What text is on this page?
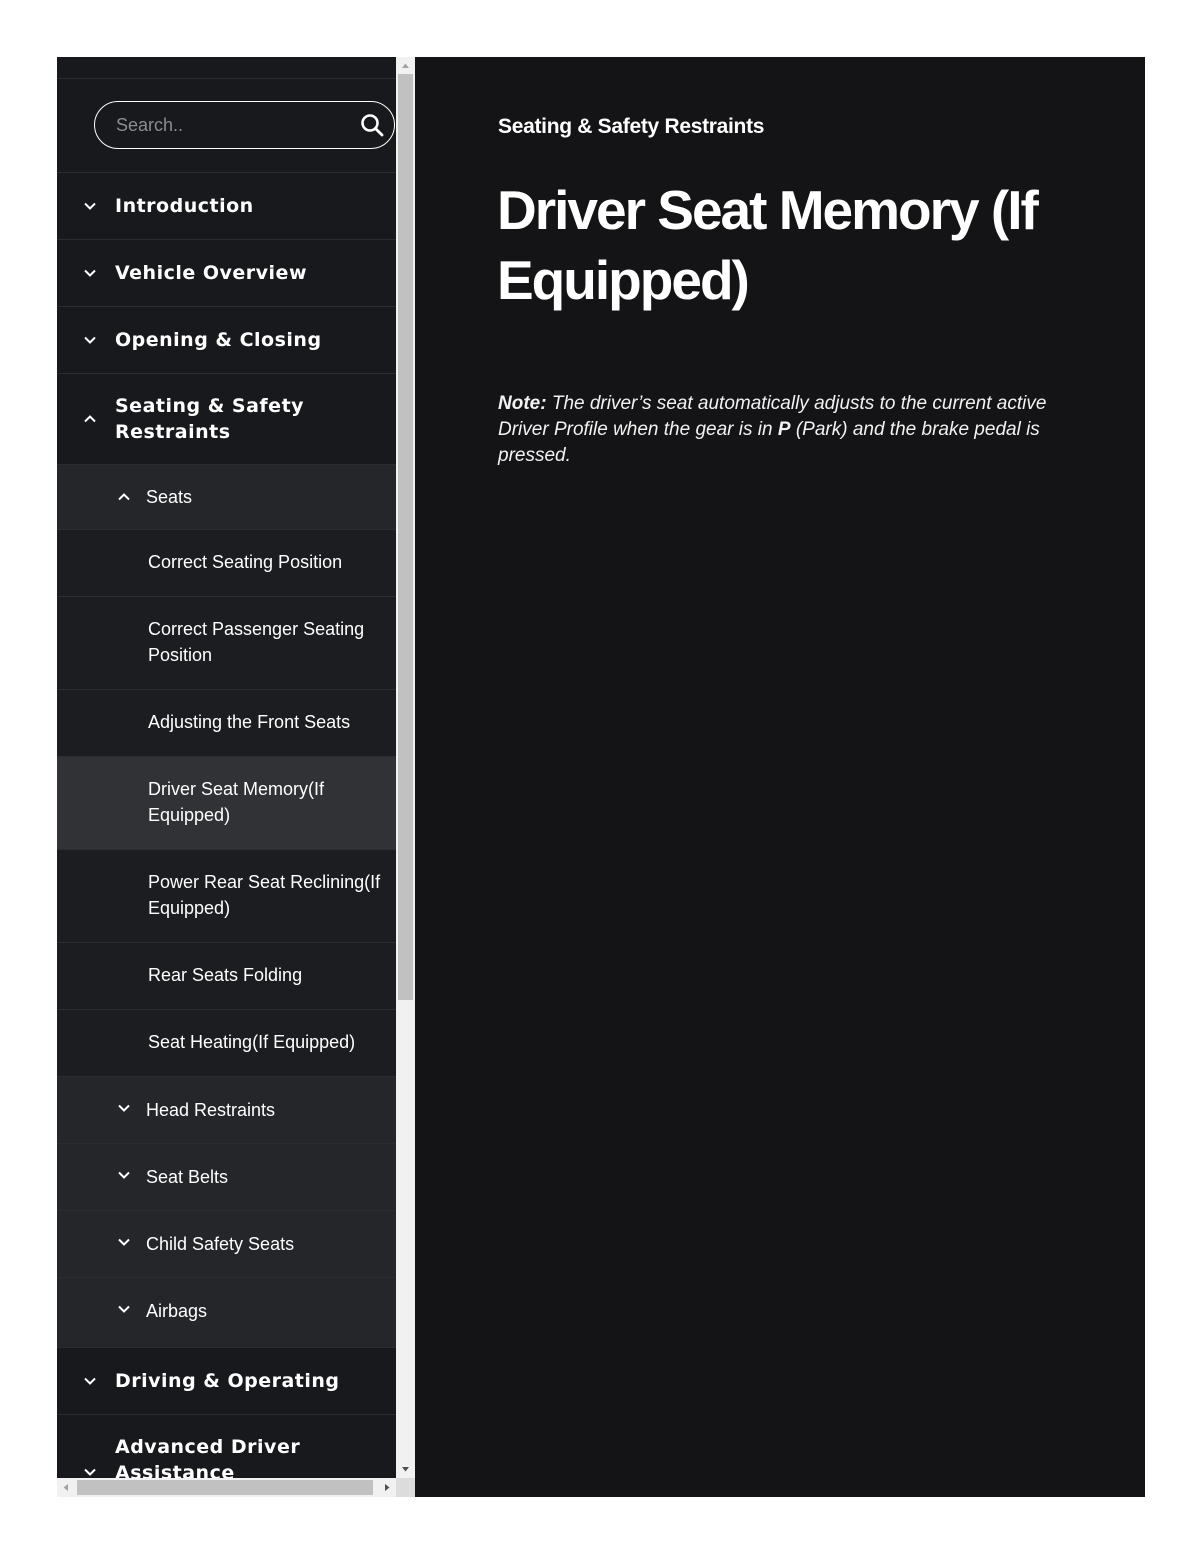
Search..
Introduction
Vehicle Overview
Opening & Closing
Seating & Safety Restraints
Seats
Correct Seating Position
Correct Passenger Seating Position
Adjusting the Front Seats
Driver Seat Memory(If Equipped)
Power Rear Seat Reclining(If Equipped)
Rear Seats Folding
Seat Heating(If Equipped)
Head Restraints
Seat Belts
Child Safety Seats
Airbags
Driving & Operating
Advanced Driver Assistance
Seating & Safety Restraints
Driver Seat Memory (If Equipped)

Note: The driver’s seat automatically adjusts to the current active Driver Profile when the gear is in P (Park) and the brake pedal is pressed.
